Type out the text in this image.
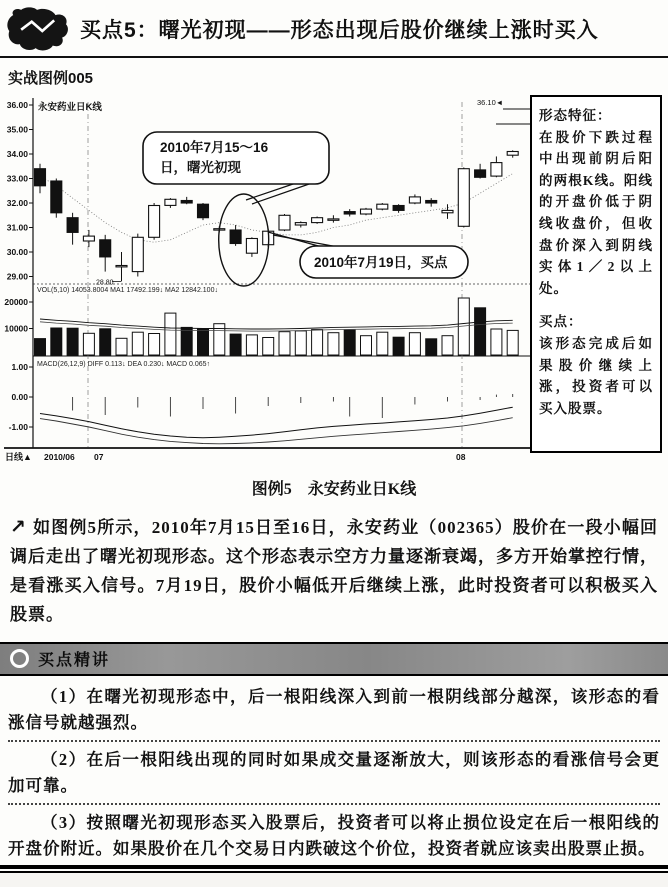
买点5：曙光初现——形态出现后股价继续上涨时买入
实战图例005
36.00
35.00
34.00
33.00
32.00
31.00
30.00
29.00
20000
10000
1.00
0.00
-1.00
永安药业日K线
VOL(5,10) 14053.8004 MA1 17492.199↓ MA2 12842.100↓
MACD(26,12,9) DIFF 0.113↓ DEA 0.230↓ MACD 0.065↑
日线▲ 2010/06 07	08
28.80
2010年7月15～16
日，曙光初现
2010年7月19日，买点
36.10◄
形态特征：
在股价下跌过程中出现前阴后阳的两根K线。阳线的开盘价低于阴线收盘价，但收盘价深入到阴线实体1／2以上处。
买点：
该形态完成后如果股价继续上涨，投资者可以买入股票。
图例5　永安药业日K线

↗ 如图例5所示，2010年7月15日至16日，永安药业（002365）股价在一段小幅回调后走出了曙光初现形态。这个形态表示空方力量逐渐衰竭，多方开始掌控行情，是看涨买入信号。7月19日，股价小幅低开后继续上涨，此时投资者可以积极买入股票。

买点精讲

（1）在曙光初现形态中，后一根阳线深入到前一根阴线部分越深，该形态的看涨信号就越强烈。

（2）在后一根阳线出现的同时如果成交量逐渐放大，则该形态的看涨信号会更加可靠。

（3）按照曙光初现形态买入股票后，投资者可以将止损位设定在后一根阳线的开盘价附近。如果股价在几个交易日内跌破这个价位，投资者就应该卖出股票止损。
